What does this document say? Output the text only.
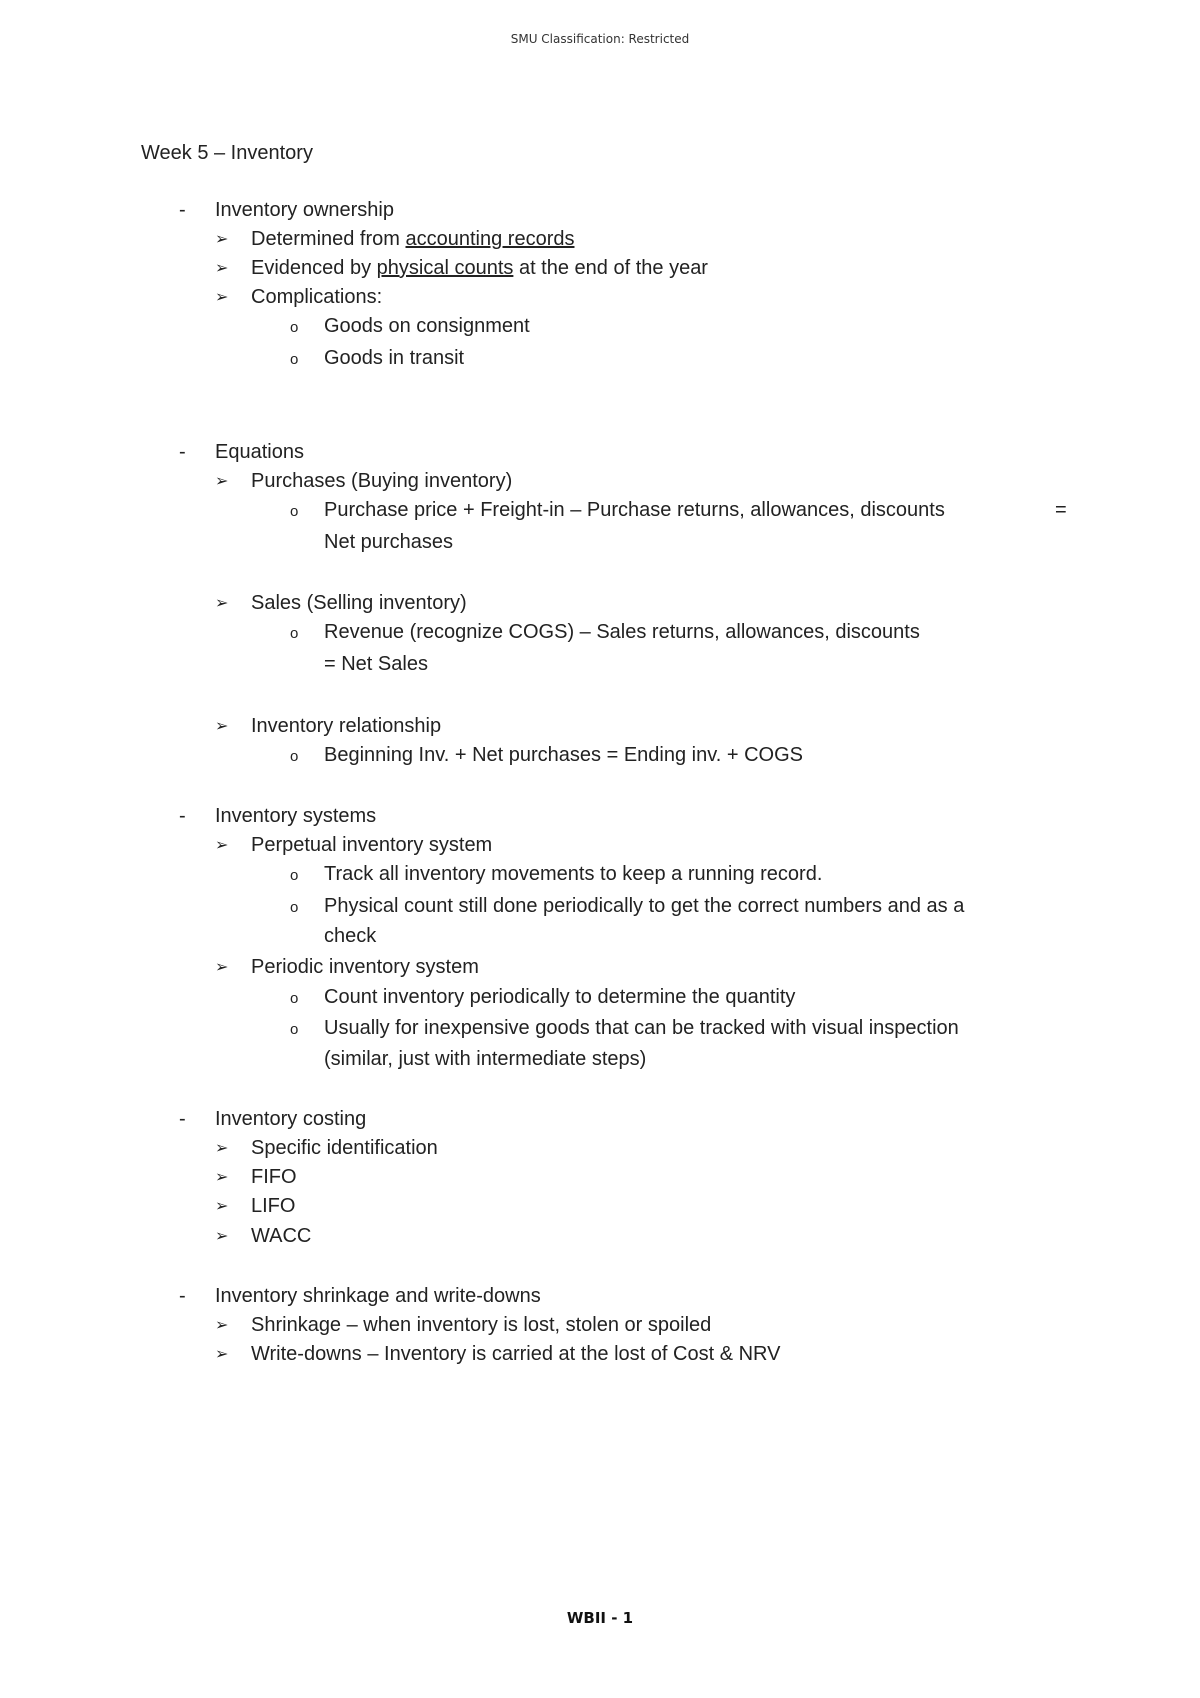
SMU Classification: Restricted
Week 5 – Inventory
- Inventory ownership
➢ Determined from accounting records
➢ Evidenced by physical counts at the end of the year
➢ Complications:
o Goods on consignment
o Goods in transit
- Equations
➢ Purchases (Buying inventory)
o Purchase price + Freight-in – Purchase returns, allowances, discounts	=
Net purchases
➢ Sales (Selling inventory)
o Revenue (recognize COGS) – Sales returns, allowances, discounts
= Net Sales
➢ Inventory relationship
o Beginning Inv. + Net purchases = Ending inv. + COGS
- Inventory systems
➢ Perpetual inventory system
o Track all inventory movements to keep a running record.
o Physical count still done periodically to get the correct numbers and as a
check
➢ Periodic inventory system
o Count inventory periodically to determine the quantity
o Usually for inexpensive goods that can be tracked with visual inspection
(similar, just with intermediate steps)
- Inventory costing
➢ Specific identification
➢ FIFO
➢ LIFO
➢ WACC
- Inventory shrinkage and write-downs
➢ Shrinkage – when inventory is lost, stolen or spoiled
➢ Write-downs – Inventory is carried at the lost of Cost & NRV
WBII - 1
